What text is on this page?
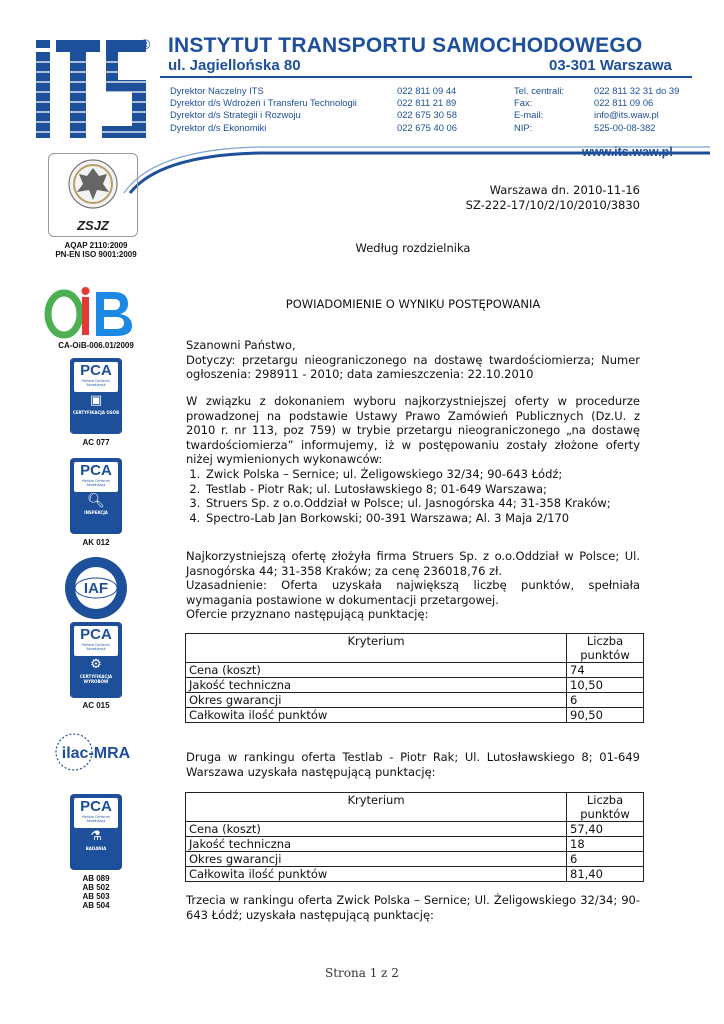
ITS
® INSTYTUT TRANSPORTU SAMOCHODOWEGO
ul. Jagiellońska 80	03-301 Warszawa
Dyrektor Naczelny ITS	022 811 09 44	Tel. centrali:	022 811 32 31 do 39
Dyrektor d/s Wdrożeń i Transferu Technologii	022 811 21 89	Fax:	022 811 09 06
Dyrektor d/s Strategii i Rozwoju	022 675 30 58	E-mail:	info@its.waw.pl
Dyrektor d/s Ekonomiki	022 675 40 06	NIP:	525-00-08-382
www.its.waw.pl
ZSJZ
AQAP 2110:2009
PN-EN ISO 9001:2009
CA-OiB-006.01/2009
PCA
Polskie Centrum Akredytacji
▣
CERTYFIKACJA OSÓB
AC 077
PCA
Polskie Centrum Akredytacji
🔍︎
INSPEKCJA
AK 012
IAF
PCA
Polskie Centrum Akredytacji
⚙
CERTYFIKACJA WYROBÓW
AC 015
ilac-MRA
PCA
Polskie Centrum Akredytacji
⚗
BADANIA
AB 089
AB 502
AB 503
AB 504
Warszawa dn. 2010-11-16
SZ-222-17/10/2/10/2010/3830
Według rozdzielnika
POWIADOMIENIE O WYNIKU POSTĘPOWANIA
Szanowni Państwo,
Dotyczy: przetargu nieograniczonego na dostawę twardościomierza; Numer ogłoszenia: 298911 - 2010; data zamieszczenia: 22.10.2010
W związku z dokonaniem wyboru najkorzystniejszej oferty w procedurze prowadzonej na podstawie Ustawy Prawo Zamówień Publicznych (Dz.U. z 2010 r. nr 113, poz 759) w trybie przetargu nieograniczonego „na dostawę twardościomierza” informujemy, iż w postępowaniu zostały złożone oferty niżej wymienionych wykonawców:
1. Zwick Polska – Sernice; ul. Żeligowskiego 32/34; 90-643 Łódź;
2. Testlab - Piotr Rak; ul. Lutosławskiego 8; 01-649 Warszawa;
3. Struers Sp. z o.o.Oddział w Polsce; ul. Jasnogórska 44; 31-358 Kraków;
4. Spectro-Lab Jan Borkowski; 00-391 Warszawa; Al. 3 Maja 2/170
Najkorzystniejszą ofertę złożyła firma Struers Sp. z o.o.Oddział w Polsce; Ul. Jasnogórska 44; 31-358 Kraków; za cenę 236018,76 zł.
Uzasadnienie: Oferta uzyskała największą liczbę punktów, spełniała wymagania postawione w dokumentacji przetargowej.
Ofercie przyznano następującą punktację:
Kryterium	Liczba punktów
Cena (koszt)	74
Jakość techniczna	10,50
Okres gwarancji	6
Całkowita ilość punktów	90,50
Druga w rankingu oferta Testlab - Piotr Rak; Ul. Lutosławskiego 8; 01-649 Warszawa uzyskała następującą punktację:
Kryterium	Liczba punktów
Cena (koszt)	57,40
Jakość techniczna	18
Okres gwarancji	6
Całkowita ilość punktów	81,40
Trzecia w rankingu oferta Zwick Polska – Sernice; Ul. Żeligowskiego 32/34; 90-643 Łódź; uzyskała następującą punktację:
Strona 1 z 2
